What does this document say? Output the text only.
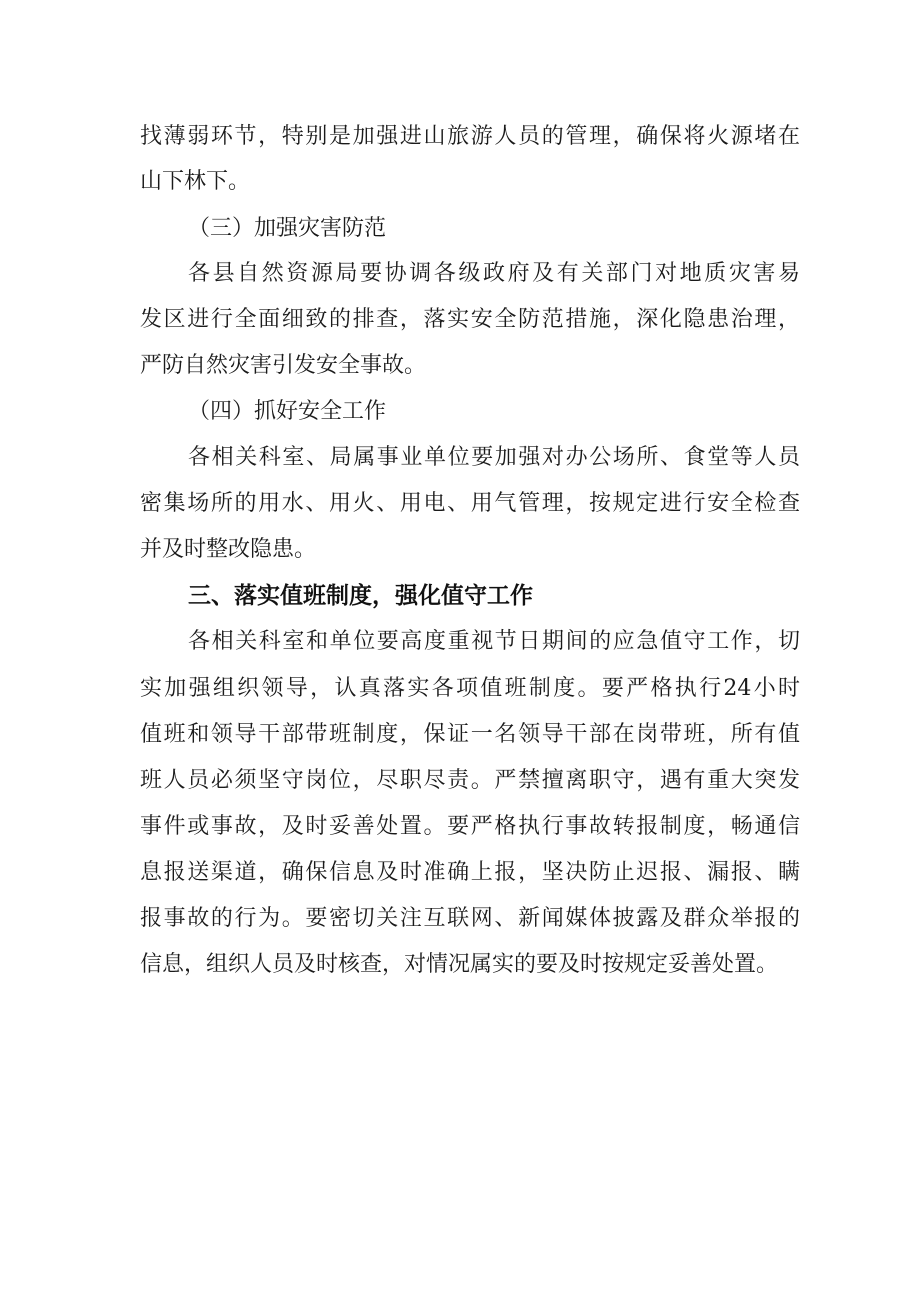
找薄弱环节，特别是加强进山旅游人员的管理，确保将火源堵在
山下林下。
（三）加强灾害防范
各县自然资源局要协调各级政府及有关部门对地质灾害易
发区进行全面细致的排查，落实安全防范措施，深化隐患治理，
严防自然灾害引发安全事故。
（四）抓好安全工作
各相关科室、局属事业单位要加强对办公场所、食堂等人员
密集场所的用水、用火、用电、用气管理，按规定进行安全检查
并及时整改隐患。
三、落实值班制度，强化值守工作
各相关科室和单位要高度重视节日期间的应急值守工作，切
实加强组织领导，认真落实各项值班制度。要严格执行24小时
值班和领导干部带班制度，保证一名领导干部在岗带班，所有值
班人员必须坚守岗位，尽职尽责。严禁擅离职守，遇有重大突发
事件或事故，及时妥善处置。要严格执行事故转报制度，畅通信
息报送渠道，确保信息及时准确上报，坚决防止迟报、漏报、瞒
报事故的行为。要密切关注互联网、新闻媒体披露及群众举报的
信息，组织人员及时核查，对情况属实的要及时按规定妥善处置。
